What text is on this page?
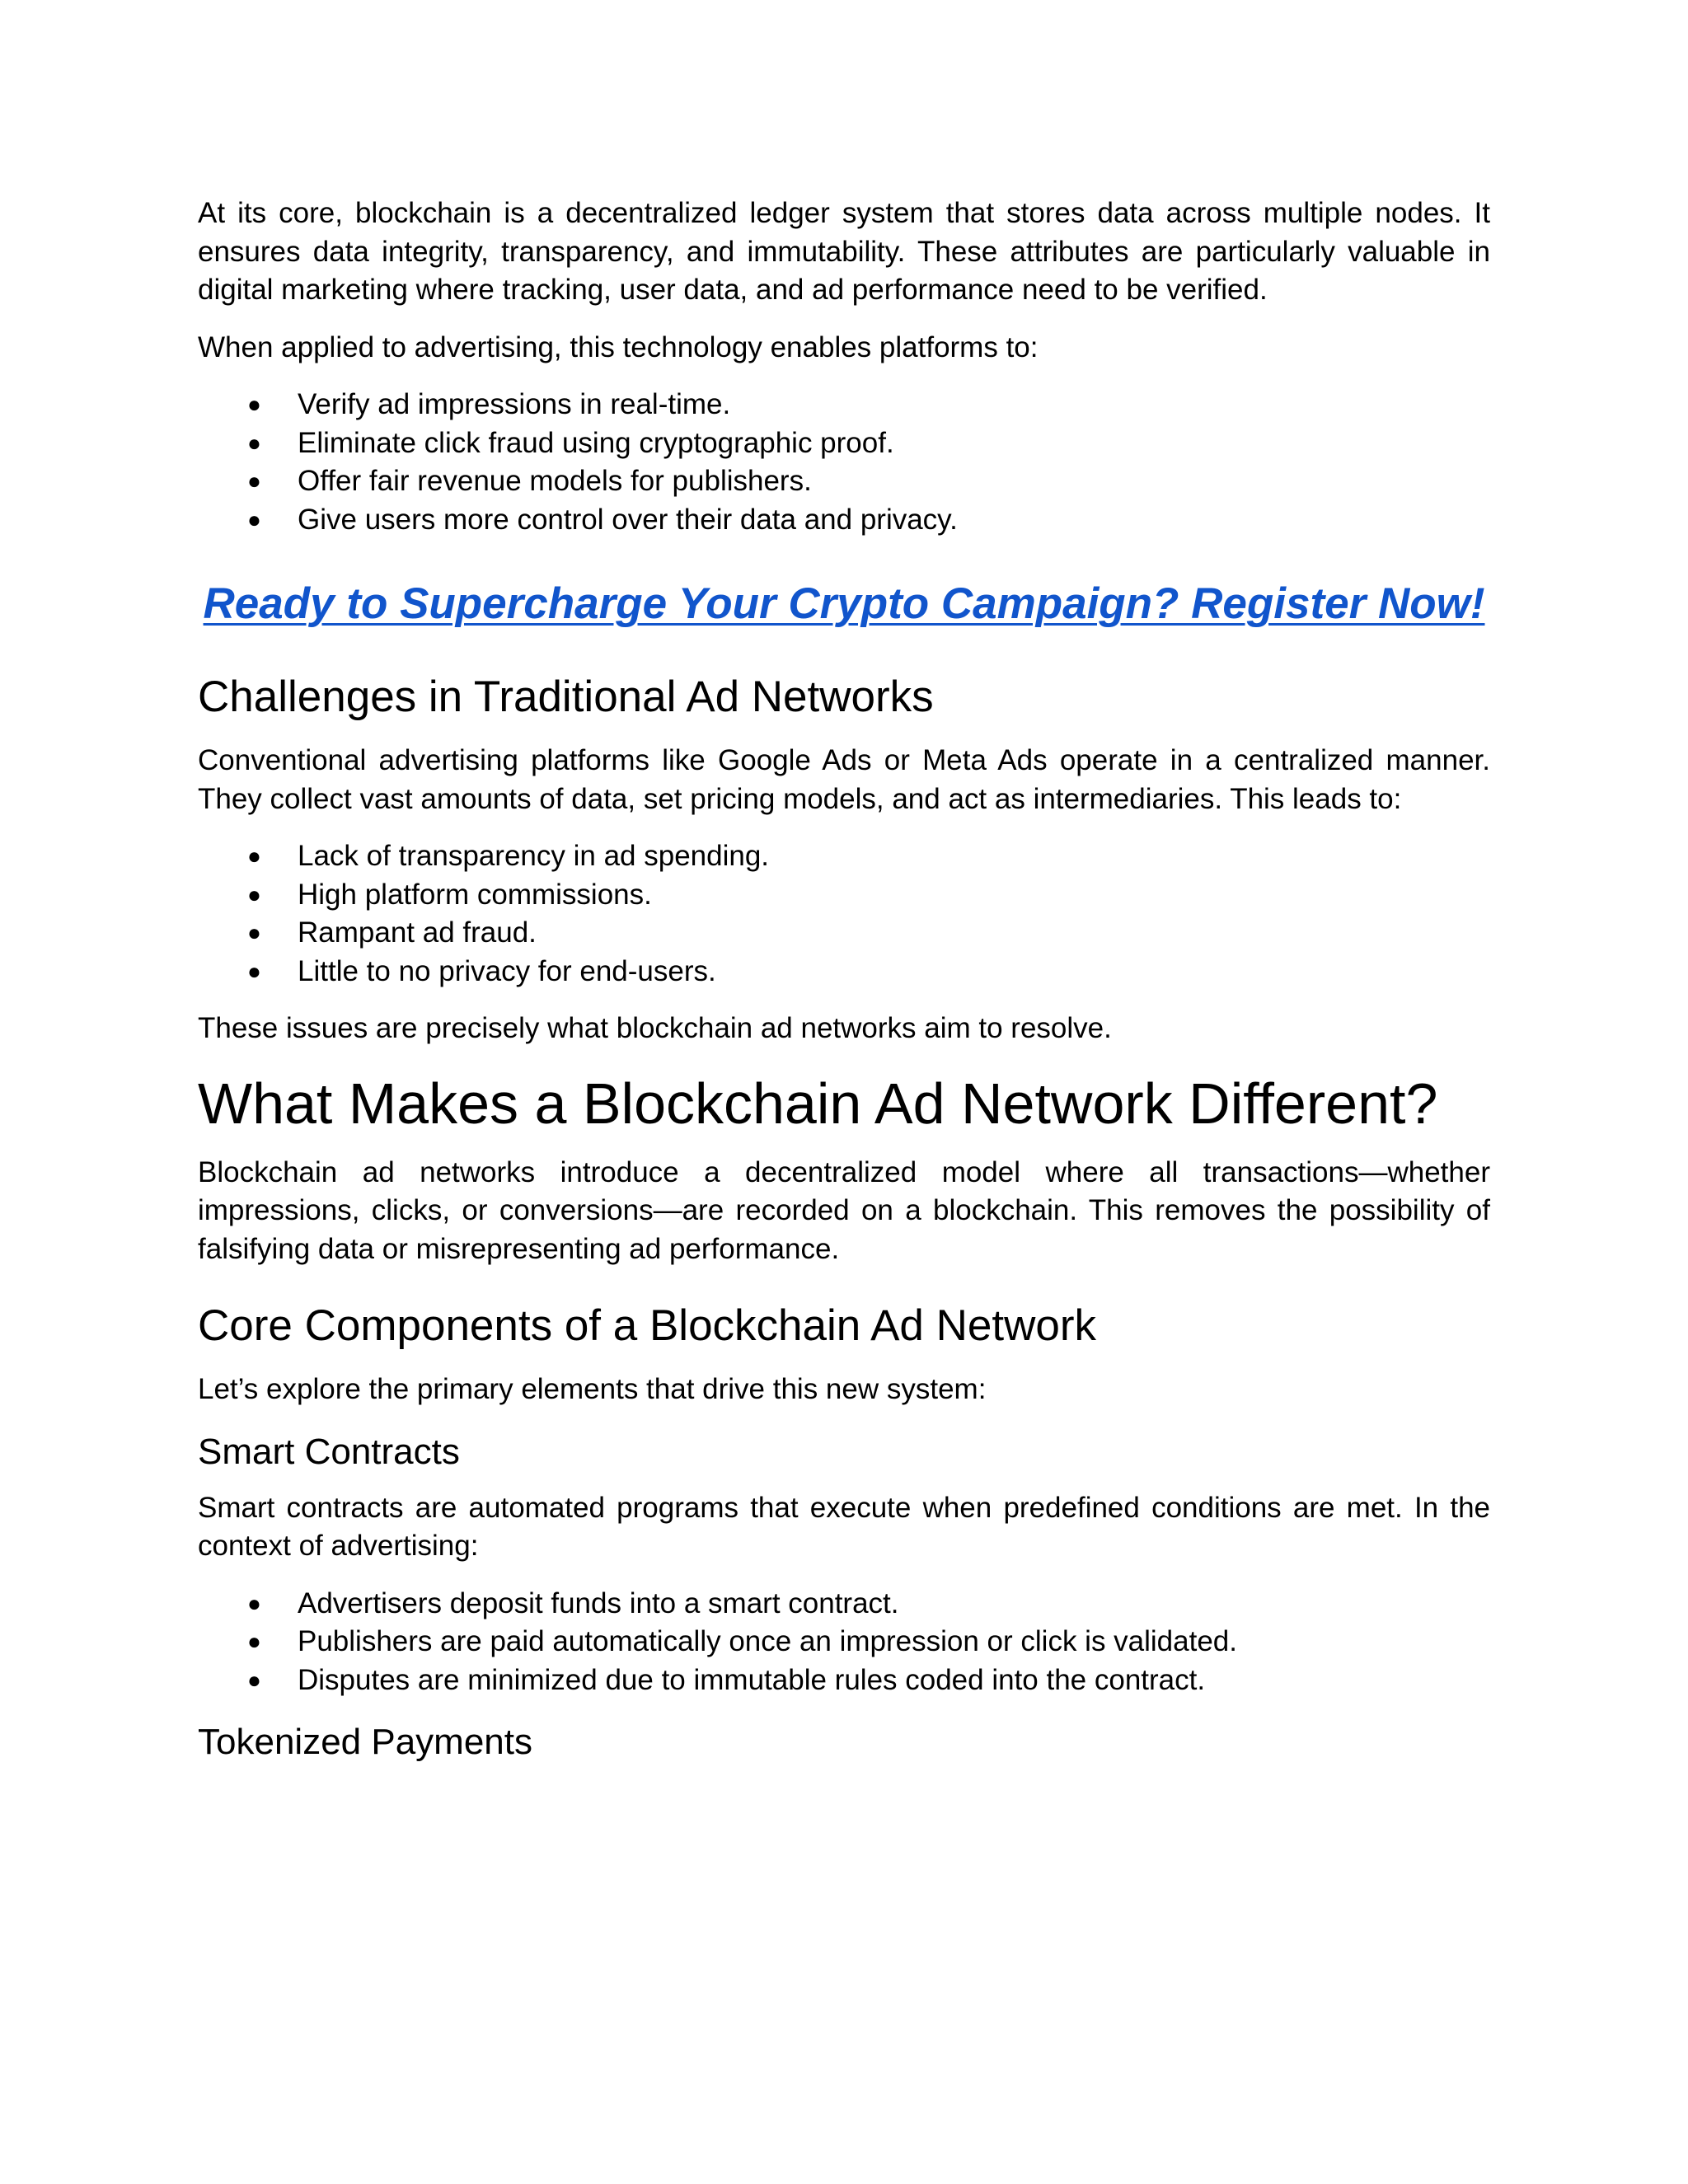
At its core, blockchain is a decentralized ledger system that stores data across multiple nodes. It ensures data integrity, transparency, and immutability. These attributes are particularly valuable in digital marketing where tracking, user data, and ad performance need to be verified.

When applied to advertising, this technology enables platforms to:

● Verify ad impressions in real-time.
● Eliminate click fraud using cryptographic proof.
● Offer fair revenue models for publishers.
● Give users more control over their data and privacy.
Ready to Supercharge Your Crypto Campaign? Register Now!
Challenges in Traditional Ad Networks

Conventional advertising platforms like Google Ads or Meta Ads operate in a centralized manner. They collect vast amounts of data, set pricing models, and act as intermediaries. This leads to:

● Lack of transparency in ad spending.
● High platform commissions.
● Rampant ad fraud.
● Little to no privacy for end-users.

These issues are precisely what blockchain ad networks aim to resolve.

What Makes a Blockchain Ad Network Different?

Blockchain ad networks introduce a decentralized model where all transactions—whether impressions, clicks, or conversions—are recorded on a blockchain. This removes the possibility of falsifying data or misrepresenting ad performance.

Core Components of a Blockchain Ad Network

Let’s explore the primary elements that drive this new system:

Smart Contracts

Smart contracts are automated programs that execute when predefined conditions are met. In the context of advertising:

● Advertisers deposit funds into a smart contract.
● Publishers are paid automatically once an impression or click is validated.
● Disputes are minimized due to immutable rules coded into the contract.
Tokenized Payments
